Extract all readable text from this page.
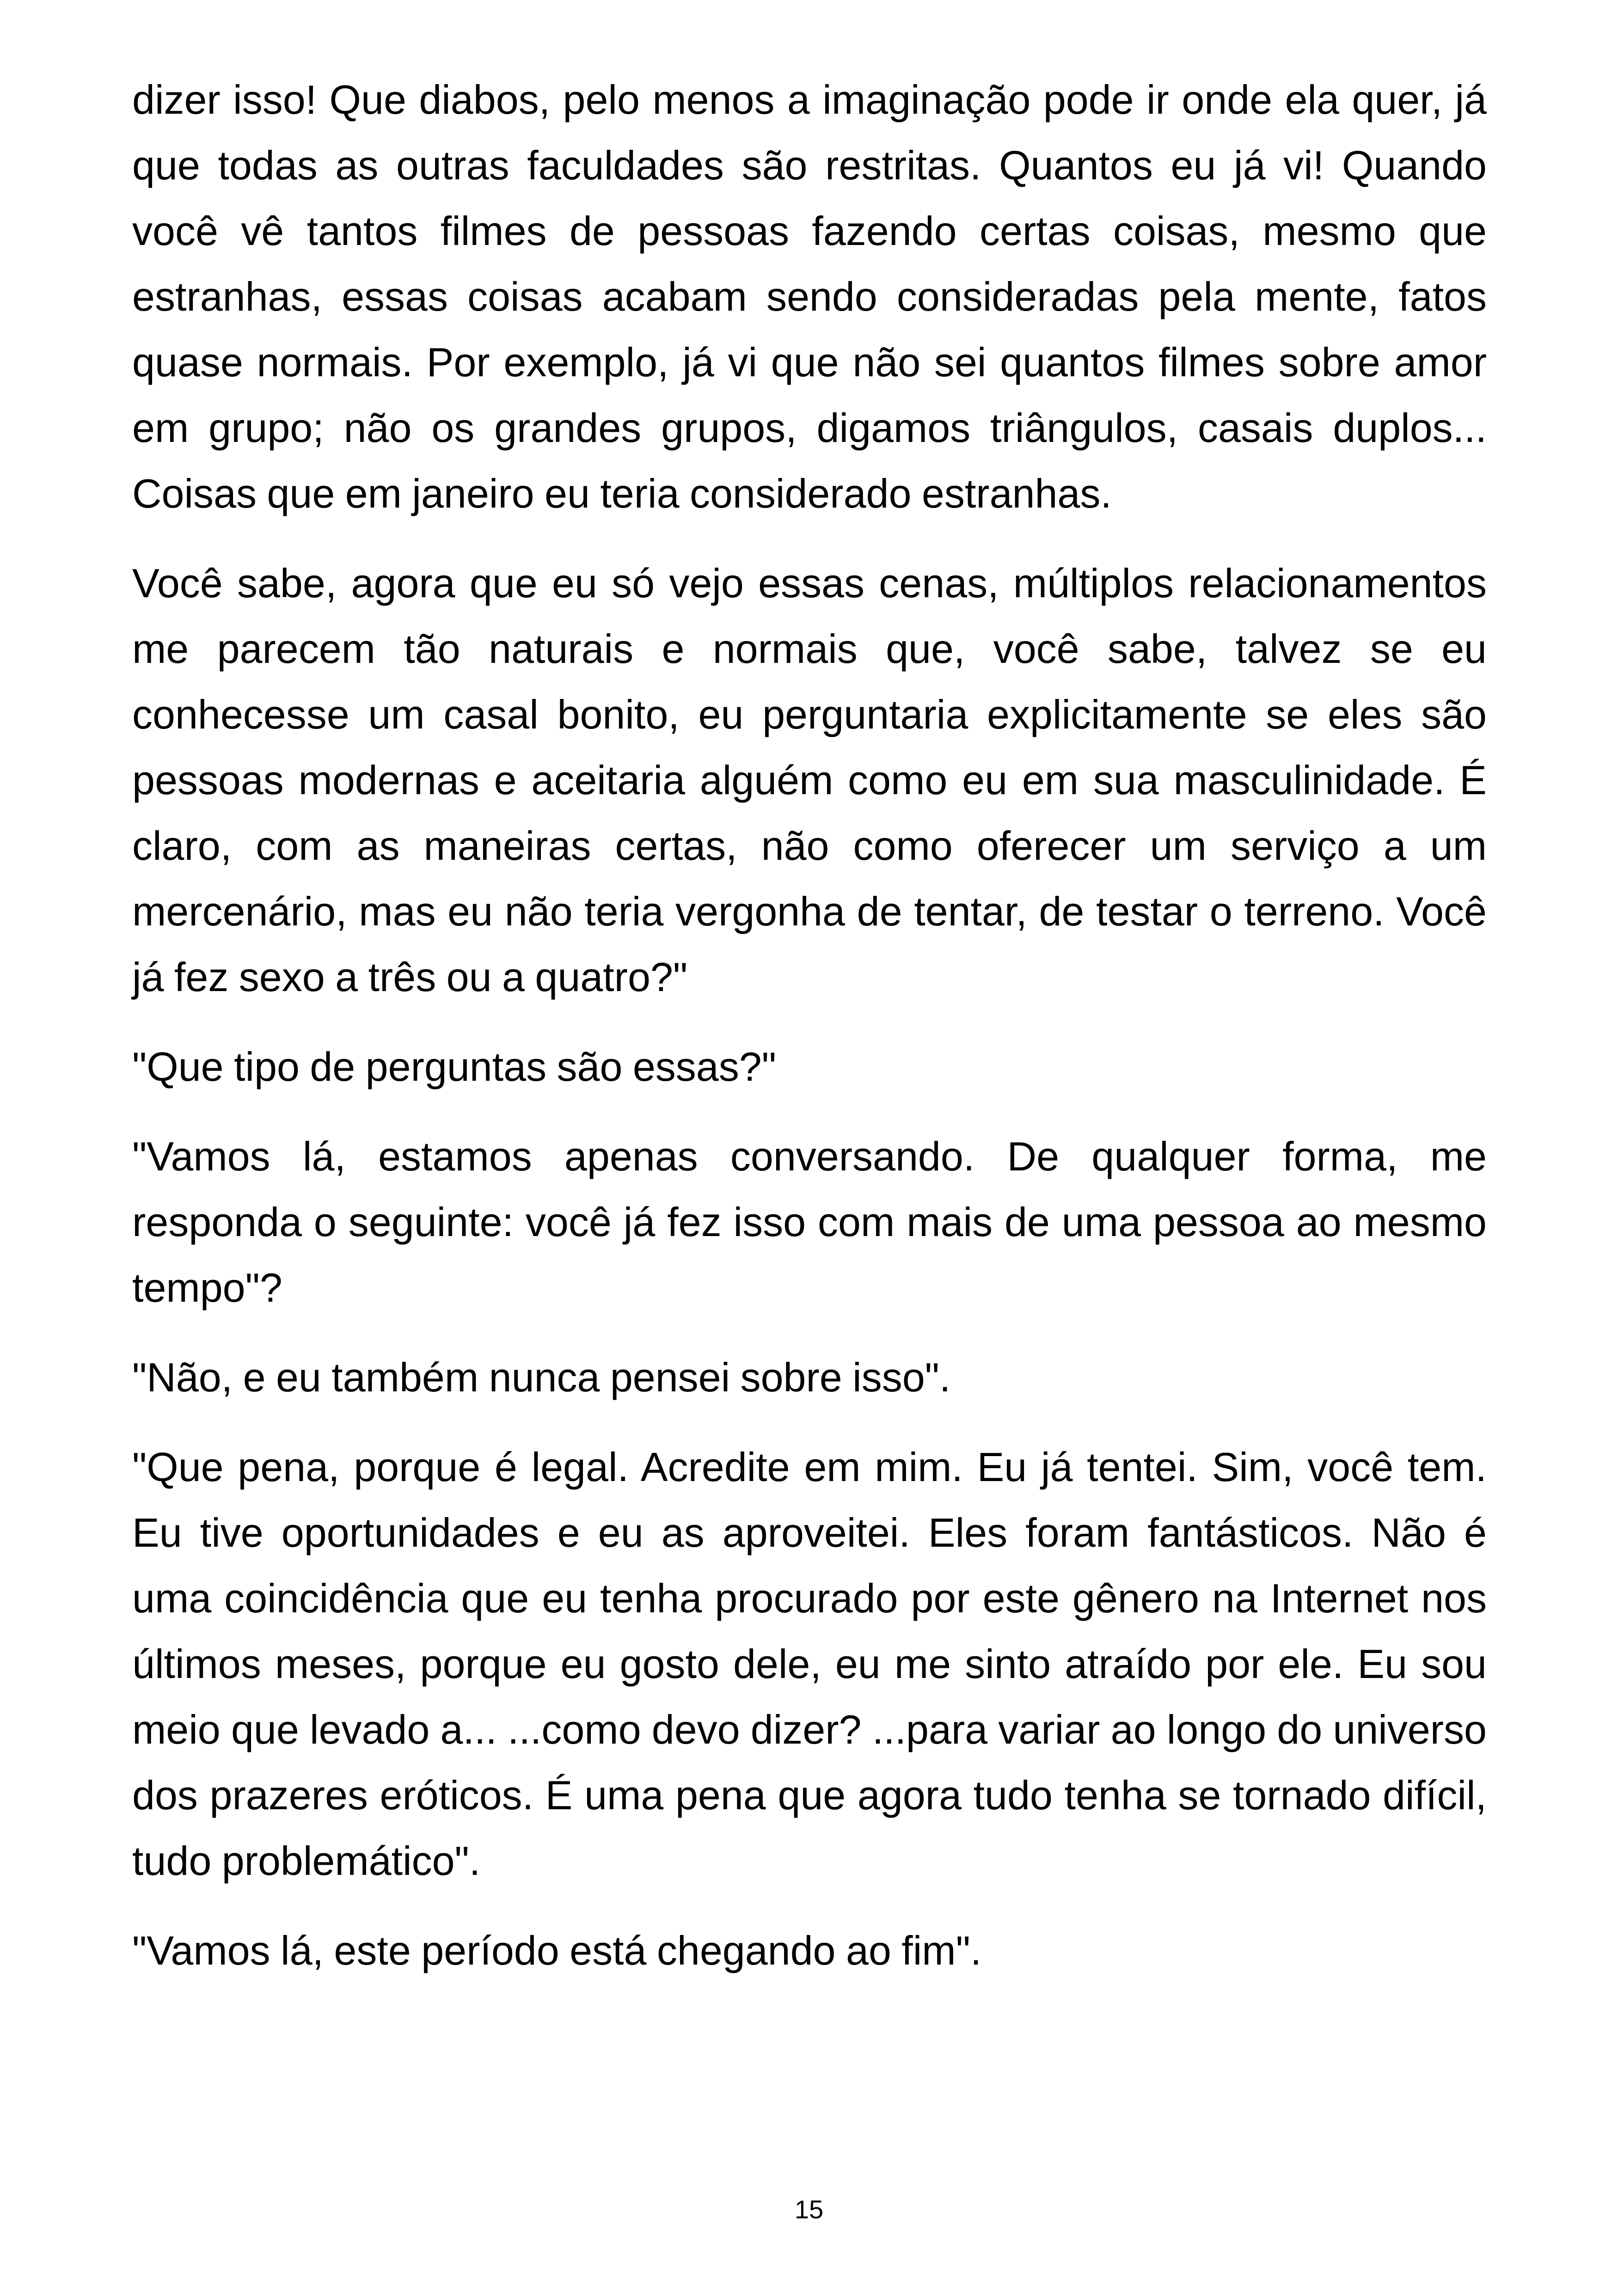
dizer isso! Que diabos, pelo menos a imaginação pode ir onde ela quer, já que todas as outras faculdades são restritas. Quantos eu já vi! Quando você vê tantos filmes de pessoas fazendo certas coisas, mesmo que estranhas, essas coisas acabam sendo consideradas pela mente, fatos quase normais. Por exemplo, já vi que não sei quantos filmes sobre amor em grupo; não os grandes grupos, digamos triângulos, casais duplos... Coisas que em janeiro eu teria considerado estranhas.

Você sabe, agora que eu só vejo essas cenas, múltiplos relacionamentos me parecem tão naturais e normais que, você sabe, talvez se eu conhecesse um casal bonito, eu perguntaria explicitamente se eles são pessoas modernas e aceitaria alguém como eu em sua masculinidade. É claro, com as maneiras certas, não como oferecer um serviço a um mercenário, mas eu não teria vergonha de tentar, de testar o terreno. Você já fez sexo a três ou a quatro?"

"Que tipo de perguntas são essas?"

"Vamos lá, estamos apenas conversando. De qualquer forma, me responda o seguinte: você já fez isso com mais de uma pessoa ao mesmo tempo"?

"Não, e eu também nunca pensei sobre isso".

"Que pena, porque é legal. Acredite em mim. Eu já tentei. Sim, você tem. Eu tive oportunidades e eu as aproveitei. Eles foram fantásticos. Não é uma coincidência que eu tenha procurado por este gênero na Internet nos últimos meses, porque eu gosto dele, eu me sinto atraído por ele. Eu sou meio que levado a... ...como devo dizer? ...para variar ao longo do universo dos prazeres eróticos. É uma pena que agora tudo tenha se tornado difícil, tudo problemático".

"Vamos lá, este período está chegando ao fim".

15
